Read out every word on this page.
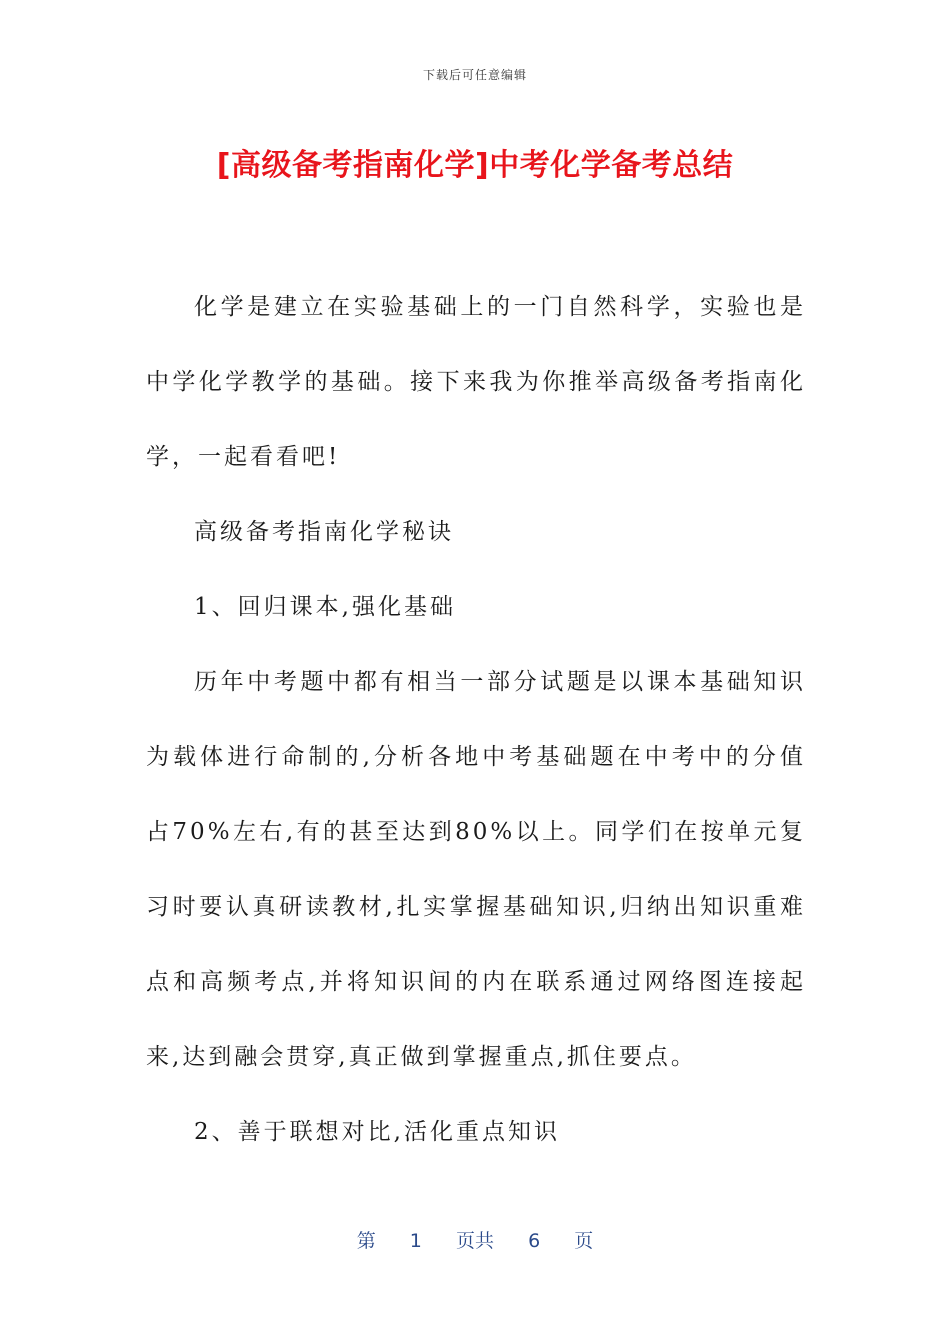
下载后可任意编辑
[高级备考指南化学]中考化学备考总结

化学是建立在实验基础上的一门自然科学，实验也是中学化学教学的基础。接下来我为你推举高级备考指南化学，一起看看吧!

高级备考指南化学秘诀

1、回归课本,强化基础

历年中考题中都有相当一部分试题是以课本基础知识为载体进行命制的,分析各地中考基础题在中考中的分值占70%左右,有的甚至达到80%以上。同学们在按单元复习时要认真研读教材,扎实掌握基础知识,归纳出知识重难点和高频考点,并将知识间的内在联系通过网络图连接起来,达到融会贯穿,真正做到掌握重点,抓住要点。

2、善于联想对比,活化重点知识

第 1 页共 6 页
